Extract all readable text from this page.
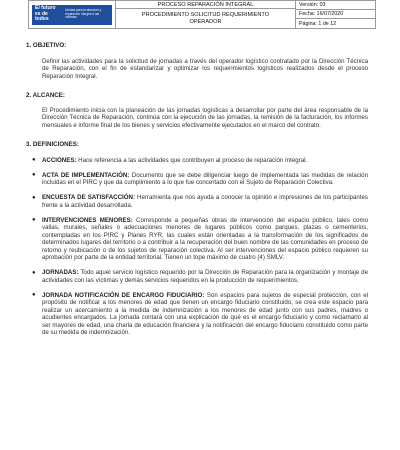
El futuro es de todos
Unidad para la atención y reparación integral a las víctimas
PROCESO REPARACIÓN INTEGRAL
PROCEDIMIENTO SOLICITUD REQUERIMIENTO OPERADOR
Versión: 03
Fecha: 16/07/2020
Página: 1 de 12

1. OBJETIVO:

Definir las actividades para la solicitud de jornadas a través del operador logístico contratado por la Dirección Técnica de Reparación, con el fin de estandarizar y optimizar los requerimientos logísticos realizados desde el proceso Reparación Integral.

2. ALCANCE:

El Procedimiento inicia con la planeación de las jornadas logísticas a desarrollar por parte del área responsable de la Dirección Técnica de Reparación, continúa con la ejecución de las jornadas, la remisión de la facturación, los informes mensuales e informe final de los bienes y servicios efectivamente ejecutados en el marco del contrato.

3. DEFINICIONES:

● ACCIONES: Hace referencia a las actividades que contribuyen al proceso de reparación Integral.
● ACTA DE IMPLEMENTACIÓN: Documento que se debe diligenciar luego de implementada las medidas de relación incluidas en el PIRC y que da cumplimiento a lo que fue concertado con el Sujeto de Reparación Colectiva.
● ENCUESTA DE SATISFACCIÓN: Herramienta que nos ayuda a conocer la opinión e impresiones de los participantes frente a la actividad desarrollada.
● INTERVENCIONES MENORES: Corresponde a pequeñas obras de intervención del espacio público, tales como vallas, murales, señales o adecuaciones menores de lugares públicos como parques, plazas o cementerios, contempladas en los PIRC y Planes RYR, las cuales están orientadas a la transformación de los significados de determinados lugares del territorio o a contribuir a la recuperación del buen nombre de las comunidades en proceso de retorno y reubicación o de los sujetos de reparación colectiva. Al ser intervenciones del espacio público requieren su aprobación por parte de la entidad territorial. Tienen un tope máximo de cuatro (4) SMLV.
● JORNADAS: Todo aquel servicio logístico requerido por la Dirección de Reparación para la organización y montaje de actividades con las víctimas y demás servicios requeridos en la producción de requerimientos.
● JORNADA NOTIFICACIÓN DE ENCARGO FIDUCIARIO: Son espacios para sujetos de especial protección, con el propósito de notificar a los menores de edad que tienen un encargo fiduciario constituido, se crea este espacio para realizar un acercamiento a la medida de indemnización a los menores de edad junto con sus padres, madres o acudientes encargados. La jornada contará con una explicación de qué es el encargo fiduciario y como reclamarlo al ser mayores de edad, una charla de educación financiera y la notificación del encargo fiduciario constituido como parte de su medida de indemnización.
